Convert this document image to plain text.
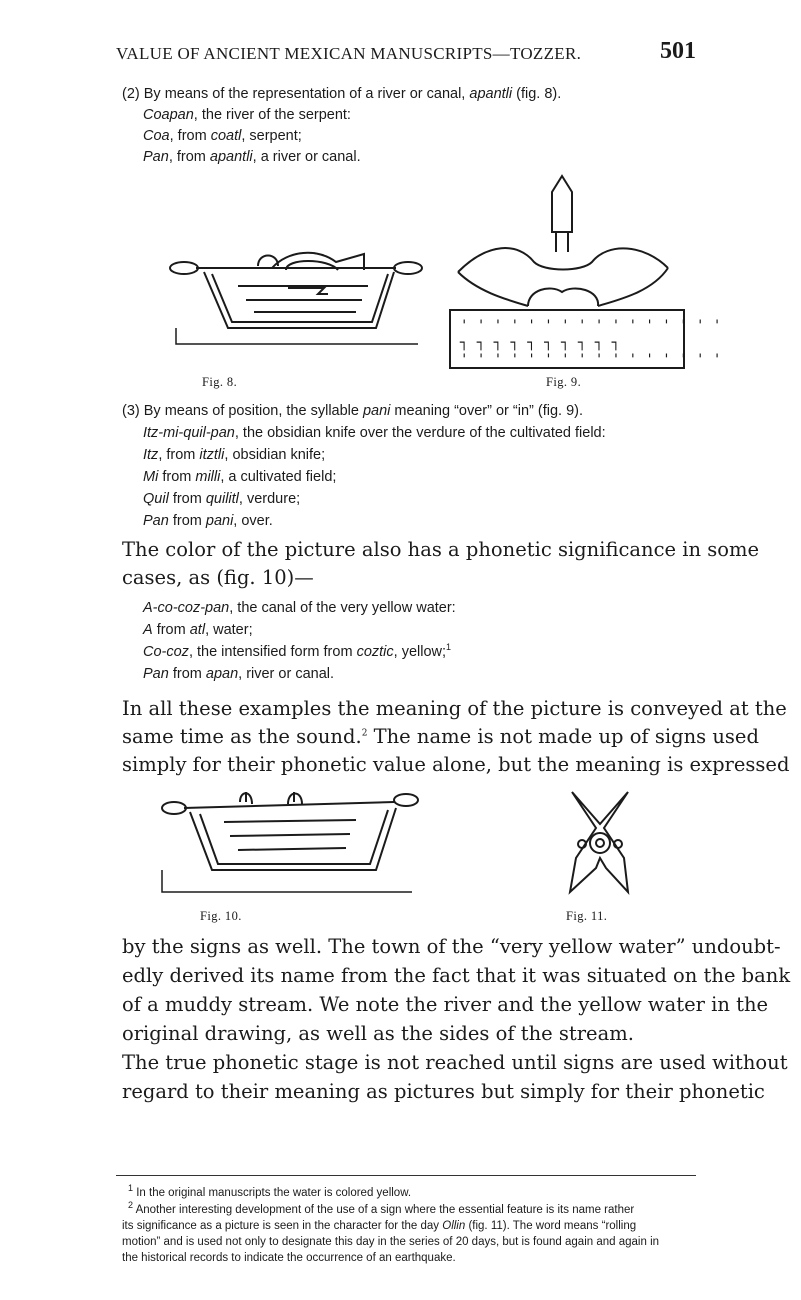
VALUE OF ANCIENT MEXICAN MANUSCRIPTS—TOZZER.	501
(2) By means of the representation of a river or canal, apantli (fig. 8).
Coapan, the river of the serpent:
Coa, from coatl, serpent;
Pan, from apantli, a river or canal.
' ' ' ' ' ' ' ' ' ' ' ' ' ' ' '
┐ ┐ ┐ ┐ ┐ ┐ ┐ ┐ ┐ ┐
' ' ' ' ' ' ' ' ' ' ' ' ' ' ' '
Fig. 8.	Fig. 9.
(3) By means of position, the syllable pani meaning “over” or “in” (fig. 9).
Itz-mi-quil-pan, the obsidian knife over the verdure of the cultivated field:
Itz, from itztli, obsidian knife;
Mi from milli, a cultivated field;
Quil from quilitl, verdure;
Pan from pani, over.
The color of the picture also has a phonetic significance in some
cases, as (fig. 10)—
A-co-coz-pan, the canal of the very yellow water:
A from atl, water;
Co-coz, the intensified form from coztic, yellow;$^1$
Pan from apan, river or canal.
In all these examples the meaning of the picture is conveyed at the
same time as the sound.$^2$ The name is not made up of signs used
simply for their phonetic value alone, but the meaning is expressed
Fig. 10.	Fig. 11.
by the signs as well. The town of the “very yellow water” undoubt-
edly derived its name from the fact that it was situated on the bank
of a muddy stream. We note the river and the yellow water in the
original drawing, as well as the sides of the stream.
The true phonetic stage is not reached until signs are used without
regard to their meaning as pictures but simply for their phonetic
$^1$ In the original manuscripts the water is colored yellow.
$^2$ Another interesting development of the use of a sign where the essential feature is its name rather
its significance as a picture is seen in the character for the day Ollin (fig. 11). The word means “rolling
motion” and is used not only to designate this day in the series of 20 days, but is found again and again in
the historical records to indicate the occurrence of an earthquake.
